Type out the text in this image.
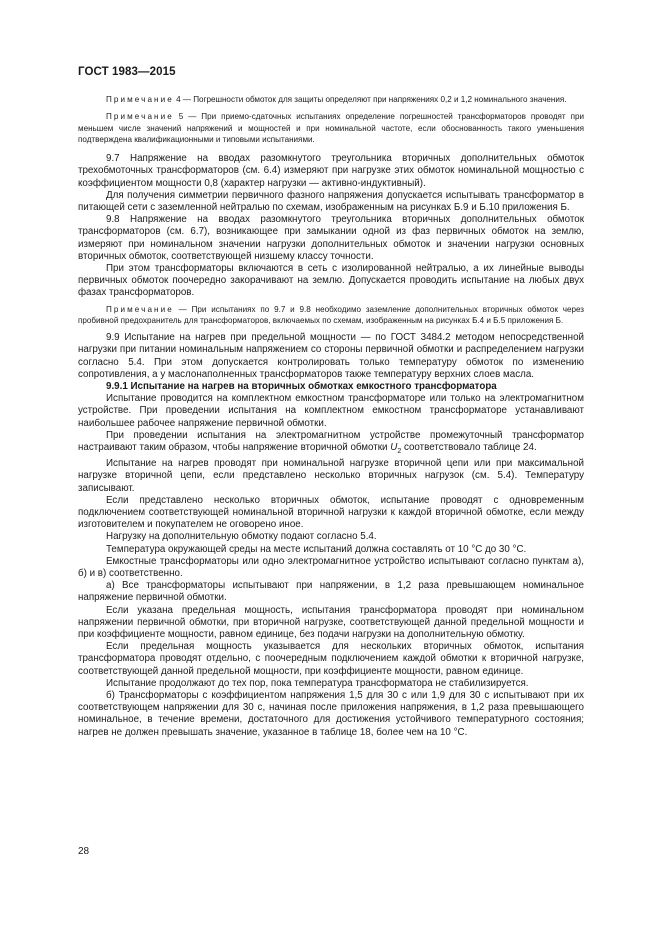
ГОСТ 1983—2015

Примечание 4 — Погрешности обмоток для защиты определяют при напряжениях 0,2 и 1,2 номинального значения.

Примечание 5 — При приемо-сдаточных испытаниях определение погрешностей трансформаторов проводят при меньшем числе значений напряжений и мощностей и при номинальной частоте, если обоснованность такого уменьшения подтверждена квалификационными и типовыми испытаниями.

9.7 Напряжение на вводах разомкнутого треугольника вторичных дополнительных обмоток трехобмоточных трансформаторов (см. 6.4) измеряют при нагрузке этих обмоток номинальной мощностью с коэффициентом мощности 0,8 (характер нагрузки — активно-индуктивный).

Для получения симметрии первичного фазного напряжения допускается испытывать трансформатор в питающей сети с заземленной нейтралью по схемам, изображенным на рисунках Б.9 и Б.10 приложения Б.

9.8 Напряжение на вводах разомкнутого треугольника вторичных дополнительных обмоток трансформаторов (см. 6.7), возникающее при замыкании одной из фаз первичных обмоток на землю, измеряют при номинальном значении нагрузки дополнительных обмоток и значении нагрузки основных вторичных обмоток, соответствующей низшему классу точности.

При этом трансформаторы включаются в сеть с изолированной нейтралью, а их линейные выводы первичных обмоток поочередно закорачивают на землю. Допускается проводить испытание на любых двух фазах трансформаторов.

Примечание — При испытаниях по 9.7 и 9.8 необходимо заземление дополнительных вторичных обмоток через пробивной предохранитель для трансформаторов, включаемых по схемам, изображенным на рисунках Б.4 и Б.5 приложения Б.

9.9 Испытание на нагрев при предельной мощности — по ГОСТ 3484.2 методом непосредственной нагрузки при питании номинальным напряжением со стороны первичной обмотки и распределением нагрузки согласно 5.4. При этом допускается контролировать только температуру обмоток по изменению сопротивления, а у маслонаполненных трансформаторов также температуру верхних слоев масла.

9.9.1 Испытание на нагрев на вторичных обмотках емкостного трансформатора

Испытание проводится на комплектном емкостном трансформаторе или только на электромагнитном устройстве. При проведении испытания на комплектном емкостном трансформаторе устанавливают наибольшее рабочее напряжение первичной обмотки.

При проведении испытания на электромагнитном устройстве промежуточный трансформатор настраивают таким образом, чтобы напряжение вторичной обмотки $U_2$ соответствовало таблице 24.

Испытание на нагрев проводят при номинальной нагрузке вторичной цепи или при максимальной нагрузке вторичной цепи, если представлено несколько вторичных нагрузок (см. 5.4). Температуру записывают.

Если представлено несколько вторичных обмоток, испытание проводят с одновременным подключением соответствующей номинальной вторичной нагрузки к каждой вторичной обмотке, если между изготовителем и покупателем не оговорено иное.

Нагрузку на дополнительную обмотку подают согласно 5.4.

Температура окружающей среды на месте испытаний должна составлять от 10 °С до 30 °С.

Емкостные трансформаторы или одно электромагнитное устройство испытывают согласно пунктам а), б) и в) соответственно.

а) Все трансформаторы испытывают при напряжении, в 1,2 раза превышающем номинальное напряжение первичной обмотки.

Если указана предельная мощность, испытания трансформатора проводят при номинальном напряжении первичной обмотки, при вторичной нагрузке, соответствующей данной предельной мощности и при коэффициенте мощности, равном единице, без подачи нагрузки на дополнительную обмотку.

Если предельная мощность указывается для нескольких вторичных обмоток, испытания трансформатора проводят отдельно, с поочередным подключением каждой обмотки к вторичной нагрузке, соответствующей данной предельной мощности, при коэффициенте мощности, равном единице.

Испытание продолжают до тех пор, пока температура трансформатора не стабилизируется.

б) Трансформаторы с коэффициентом напряжения 1,5 для 30 с или 1,9 для 30 с испытывают при их соответствующем напряжении для 30 с, начиная после приложения напряжения, в 1,2 раза превышающего номинальное, в течение времени, достаточного для достижения устойчивого температурного состояния; нагрев не должен превышать значение, указанное в таблице 18, более чем на 10 °С.

28
